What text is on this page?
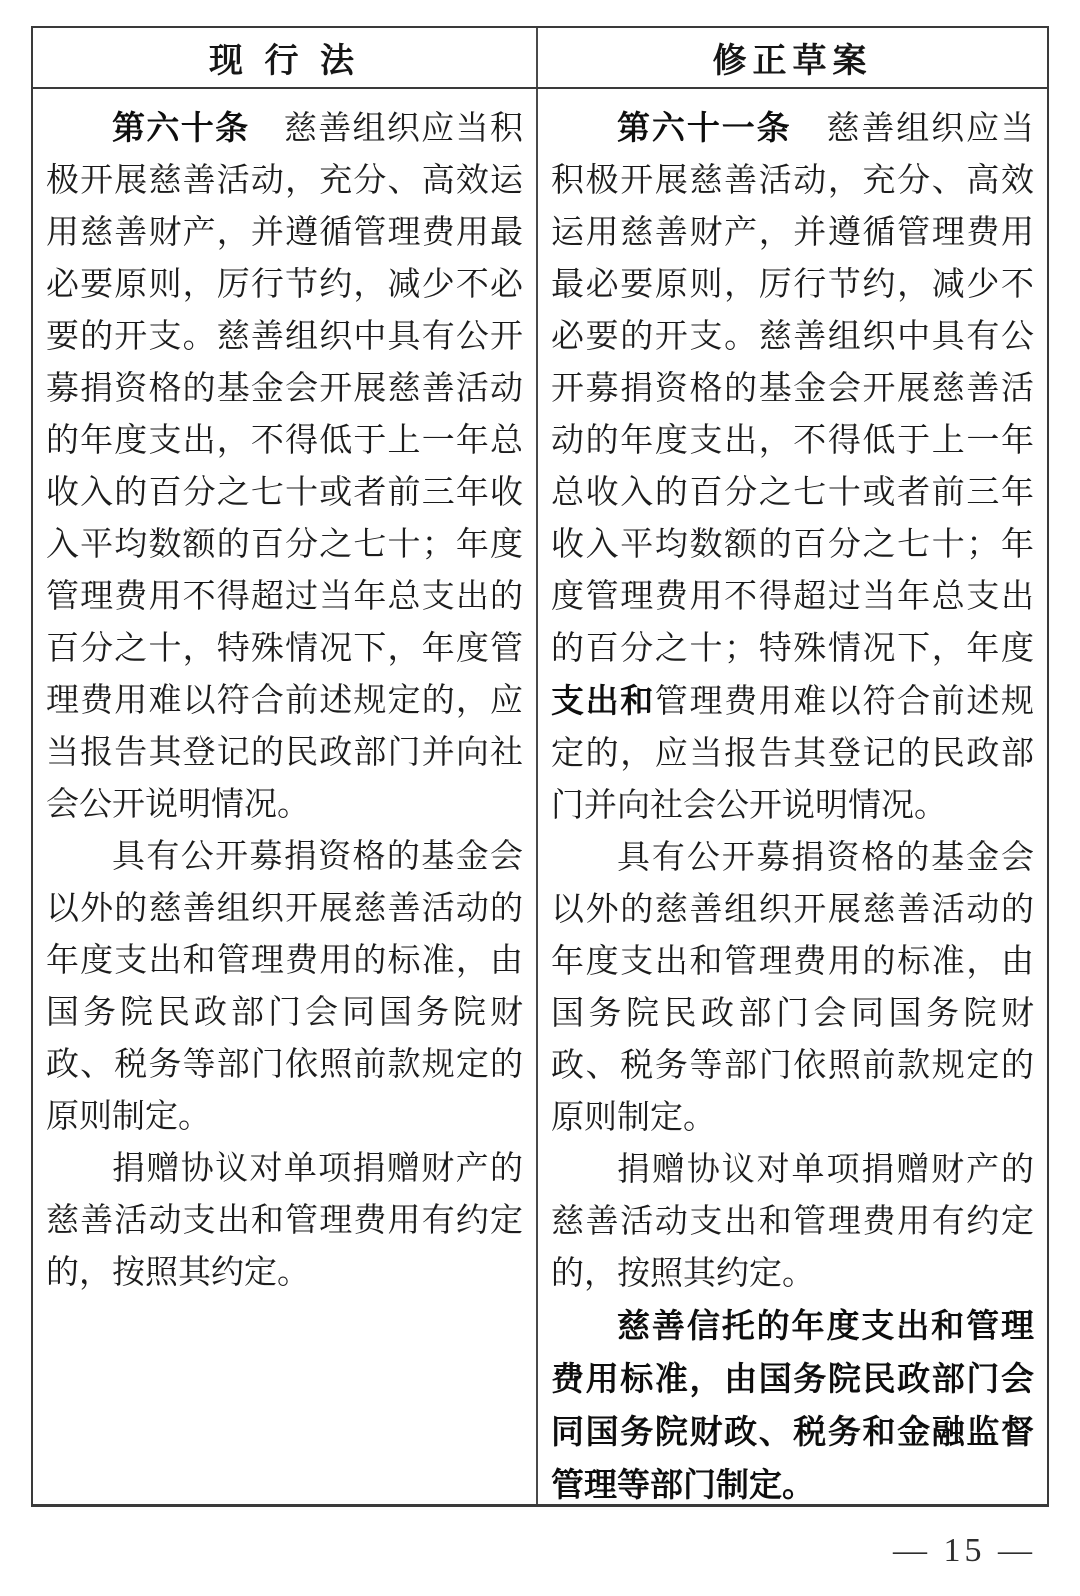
现 行 法	修正草案

第六十条　慈善组织应当积极开展慈善活动，充分、高效运用慈善财产，并遵循管理费用最必要原则，厉行节约，减少不必要的开支。慈善组织中具有公开募捐资格的基金会开展慈善活动的年度支出，不得低于上一年总收入的百分之七十或者前三年收入平均数额的百分之七十；年度管理费用不得超过当年总支出的百分之十，特殊情况下，年度管理费用难以符合前述规定的，应当报告其登记的民政部门并向社会公开说明情况。

具有公开募捐资格的基金会以外的慈善组织开展慈善活动的年度支出和管理费用的标准，由国务院民政部门会同国务院财政、税务等部门依照前款规定的原则制定。

捐赠协议对单项捐赠财产的慈善活动支出和管理费用有约定的，按照其约定。

第六十一条　慈善组织应当积极开展慈善活动，充分、高效运用慈善财产，并遵循管理费用最必要原则，厉行节约，减少不必要的开支。慈善组织中具有公开募捐资格的基金会开展慈善活动的年度支出，不得低于上一年总收入的百分之七十或者前三年收入平均数额的百分之七十；年度管理费用不得超过当年总支出的百分之十；特殊情况下，年度支出和管理费用难以符合前述规定的，应当报告其登记的民政部门并向社会公开说明情况。

具有公开募捐资格的基金会以外的慈善组织开展慈善活动的年度支出和管理费用的标准，由国务院民政部门会同国务院财政、税务等部门依照前款规定的原则制定。

捐赠协议对单项捐赠财产的慈善活动支出和管理费用有约定的，按照其约定。

慈善信托的年度支出和管理费用标准，由国务院民政部门会同国务院财政、税务和金融监督管理等部门制定。

— 15 —
